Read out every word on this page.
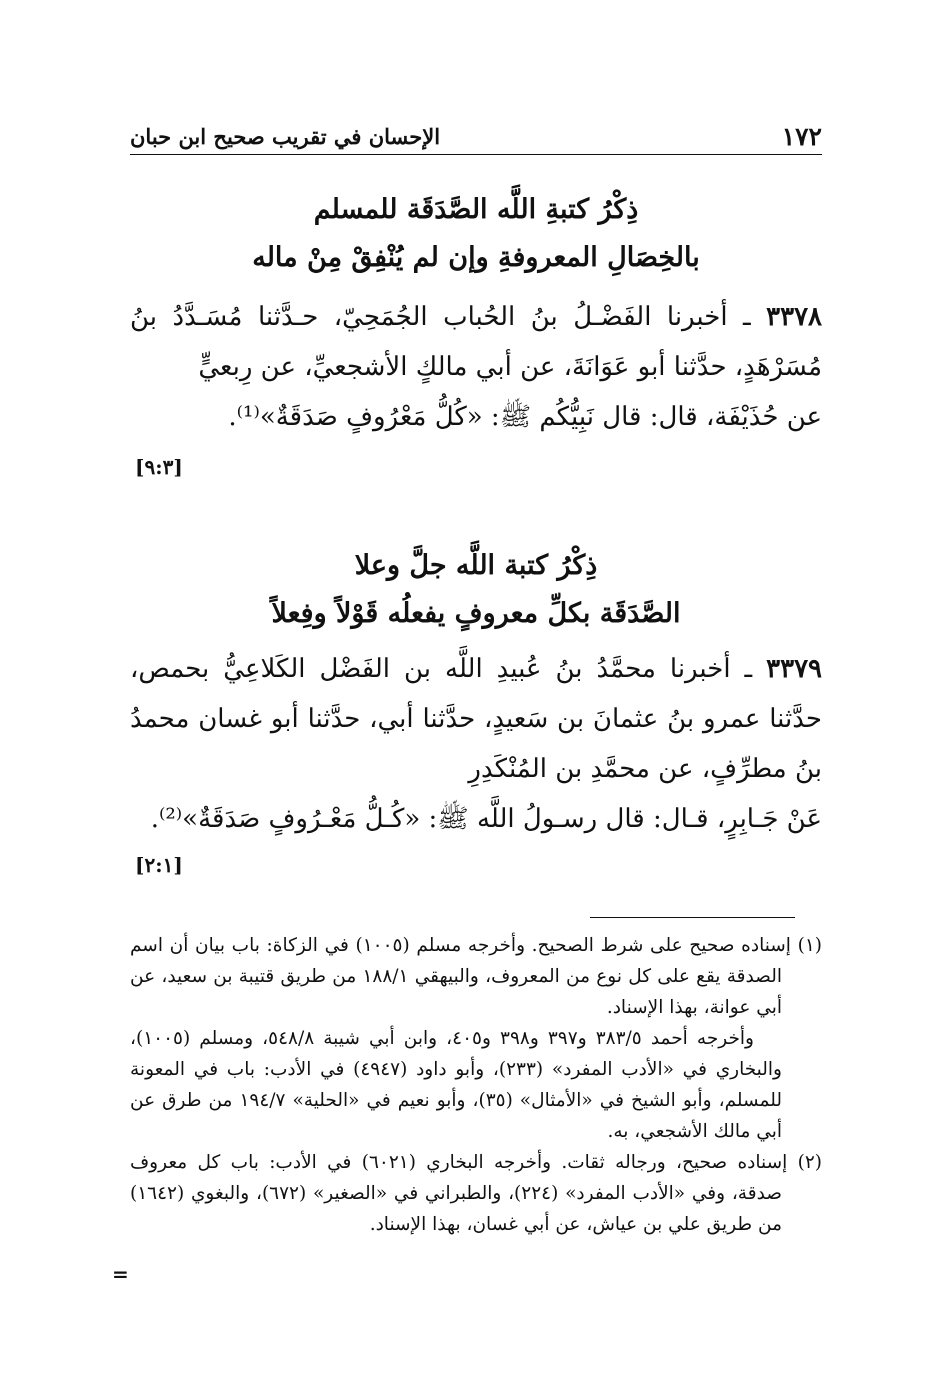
١٧٢
الإحسان في تقريب صحيح ابن حبان
ذِكْرُ كتبةِ اللَّه الصَّدَقَة للمسلم
بالخِصَالِ المعروفةِ وإن لم يُنْفِقْ مِنْ ماله

٣٣٧٨ ـ أخبرنا الفَضْـلُ بنُ الحُباب الجُمَحِيّ، حـدَّثنا مُسَـدَّدُ بنُ مُسَرْهَدٍ، حدَّثنا أبو عَوَانَةَ، عن أبي مالكٍ الأشجعيِّ، عن رِبعيٍّ

عن حُذَيْفَة، قال: قال نَبِيُّكُم ﷺ: «كُلُّ مَعْرُوفٍ صَدَقَةٌ»⁽¹⁾.

[٩:٣]
ذِكْرُ كتبة اللَّه جلَّ وعلا
الصَّدَقَة بكلِّ معروفٍ يفعلُه قَوْلاً وفِعلاً

٣٣٧٩ ـ أخبرنا محمَّدُ بنُ عُبيدِ اللَّه بن الفَضْل الكَلاعِيُّ بحمص، حدَّثنا عمرو بنُ عثمانَ بن سَعيدٍ، حدَّثنا أبي، حدَّثنا أبو غسان محمدُ بنُ مطرِّفٍ، عن محمَّدِ بن المُنْكَدِرِ

عَنْ جَـابِرٍ، قـال: قال رسـولُ اللَّه ﷺ: «كُـلُّ مَعْـرُوفٍ صَدَقَةٌ»⁽²⁾.

[٢:١]

(١) إسناده صحيح على شرط الصحيح. وأخرجه مسلم (١٠٠٥) في الزكاة: باب بيان أن اسم الصدقة يقع على كل نوع من المعروف، والبيهقي ١٨٨/١ من طريق قتيبة بن سعيد، عن أبي عوانة، بهذا الإسناد.

وأخرجه أحمد ٣٨٣/٥ و٣٩٧ و٣٩٨ و٤٠٥، وابن أبي شيبة ٥٤٨/٨، ومسلم (١٠٠٥)، والبخاري في «الأدب المفرد» (٢٣٣)، وأبو داود (٤٩٤٧) في الأدب: باب في المعونة للمسلم، وأبو الشيخ في «الأمثال» (٣٥)، وأبو نعيم في «الحلية» ١٩٤/٧ من طرق عن أبي مالك الأشجعي، به.

(٢) إسناده صحيح، ورجاله ثقات. وأخرجه البخاري (٦٠٢١) في الأدب: باب كل معروف صدقة، وفي «الأدب المفرد» (٢٢٤)، والطبراني في «الصغير» (٦٧٢)، والبغوي (١٦٤٢) من طريق علي بن عياش، عن أبي غسان، بهذا الإسناد.

=
